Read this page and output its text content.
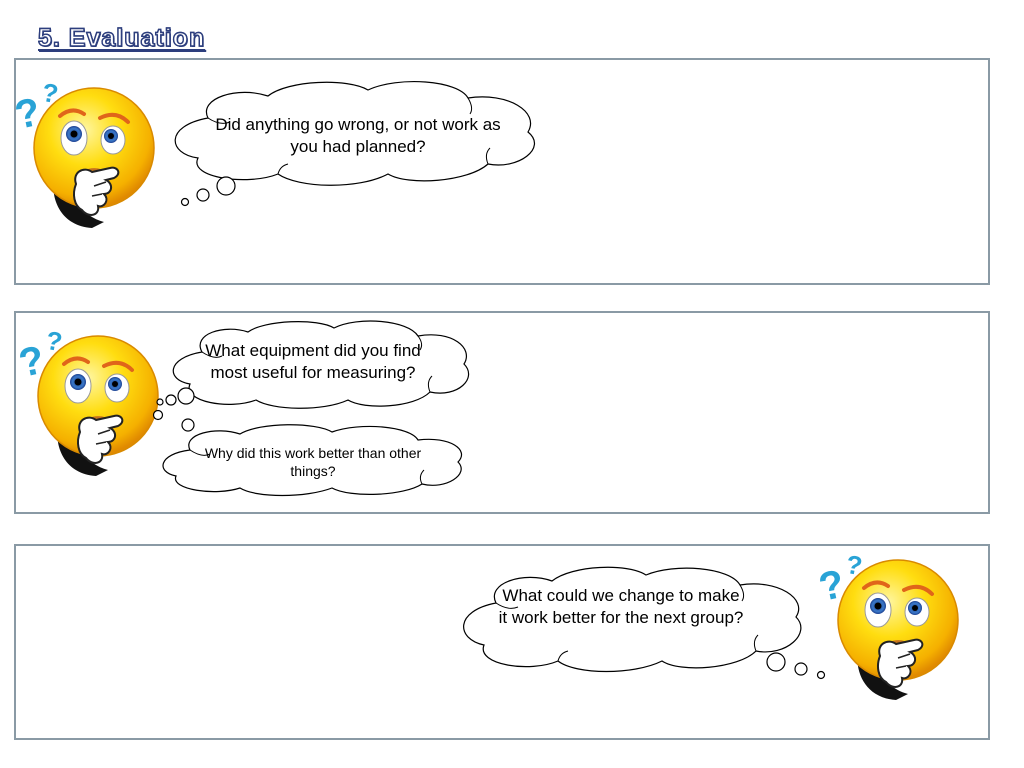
5. Evaluation
Did anything go wrong, or not work as you had planned?
What equipment did you find most useful for measuring?
Why did this work better than other things?
What could we change to make it work better for the next group?
